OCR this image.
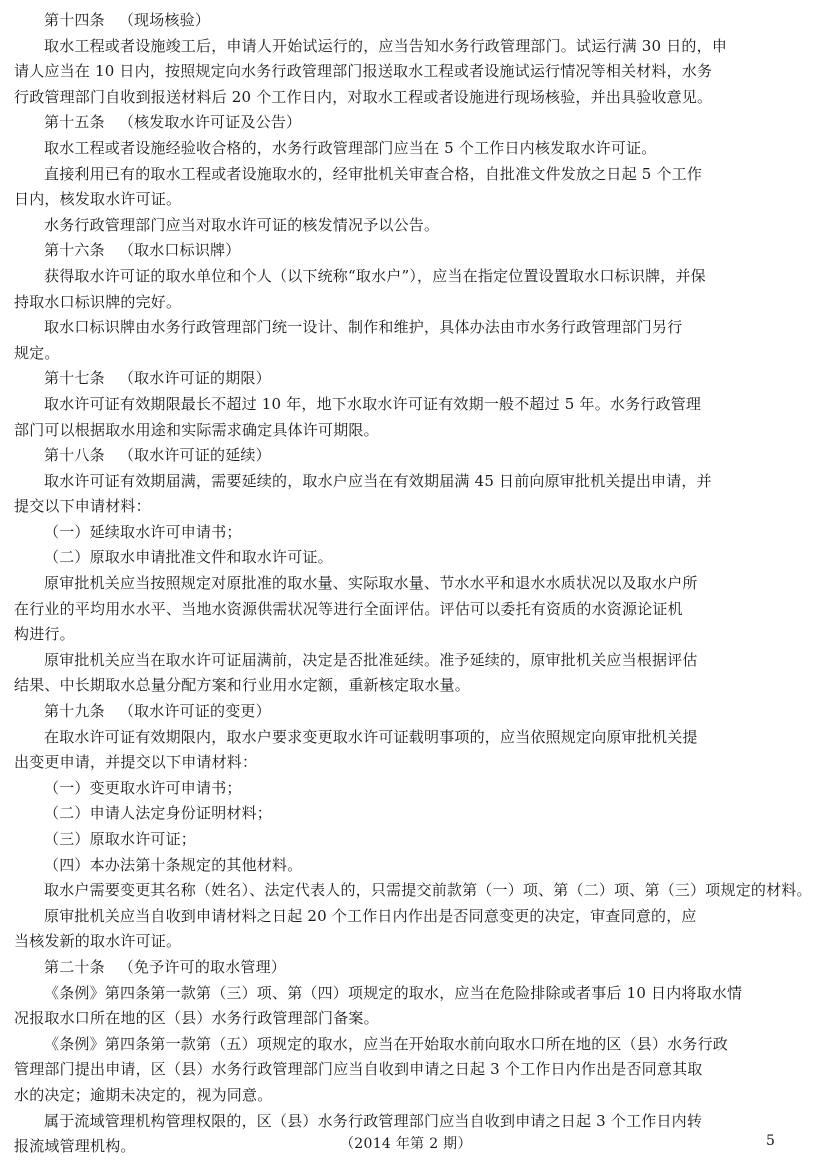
第十四条 （现场核验）
取水工程或者设施竣工后，申请人开始试运行的，应当告知水务行政管理部门。试运行满 30 日的，申
请人应当在 10 日内，按照规定向水务行政管理部门报送取水工程或者设施试运行情况等相关材料，水务
行政管理部门自收到报送材料后 20 个工作日内，对取水工程或者设施进行现场核验，并出具验收意见。
第十五条 （核发取水许可证及公告）
取水工程或者设施经验收合格的，水务行政管理部门应当在 5 个工作日内核发取水许可证。
直接利用已有的取水工程或者设施取水的，经审批机关审查合格，自批准文件发放之日起 5 个工作
日内，核发取水许可证。
水务行政管理部门应当对取水许可证的核发情况予以公告。
第十六条 （取水口标识牌）
获得取水许可证的取水单位和个人（以下统称“取水户”），应当在指定位置设置取水口标识牌，并保
持取水口标识牌的完好。
取水口标识牌由水务行政管理部门统一设计、制作和维护，具体办法由市水务行政管理部门另行
规定。
第十七条 （取水许可证的期限）
取水许可证有效期限最长不超过 10 年，地下水取水许可证有效期一般不超过 5 年。水务行政管理
部门可以根据取水用途和实际需求确定具体许可期限。
第十八条 （取水许可证的延续）
取水许可证有效期届满，需要延续的，取水户应当在有效期届满 45 日前向原审批机关提出申请，并
提交以下申请材料：
（一）延续取水许可申请书；
（二）原取水申请批准文件和取水许可证。
原审批机关应当按照规定对原批准的取水量、实际取水量、节水水平和退水水质状况以及取水户所
在行业的平均用水水平、当地水资源供需状况等进行全面评估。评估可以委托有资质的水资源论证机
构进行。
原审批机关应当在取水许可证届满前，决定是否批准延续。准予延续的，原审批机关应当根据评估
结果、中长期取水总量分配方案和行业用水定额，重新核定取水量。
第十九条 （取水许可证的变更）
在取水许可证有效期限内，取水户要求变更取水许可证载明事项的，应当依照规定向原审批机关提
出变更申请，并提交以下申请材料：
（一）变更取水许可申请书；
（二）申请人法定身份证明材料；
（三）原取水许可证；
（四）本办法第十条规定的其他材料。
取水户需要变更其名称（姓名）、法定代表人的，只需提交前款第（一）项、第（二）项、第（三）项规定的材料。
原审批机关应当自收到申请材料之日起 20 个工作日内作出是否同意变更的决定，审查同意的，应
当核发新的取水许可证。
第二十条 （免予许可的取水管理）
《条例》第四条第一款第（三）项、第（四）项规定的取水，应当在危险排除或者事后 10 日内将取水情
况报取水口所在地的区（县）水务行政管理部门备案。
《条例》第四条第一款第（五）项规定的取水，应当在开始取水前向取水口所在地的区（县）水务行政
管理部门提出申请，区（县）水务行政管理部门应当自收到申请之日起 3 个工作日内作出是否同意其取
水的决定；逾期未决定的，视为同意。
属于流域管理机构管理权限的，区（县）水务行政管理部门应当自收到申请之日起 3 个工作日内转
报流域管理机构。	（2014 年第 2 期）	5
